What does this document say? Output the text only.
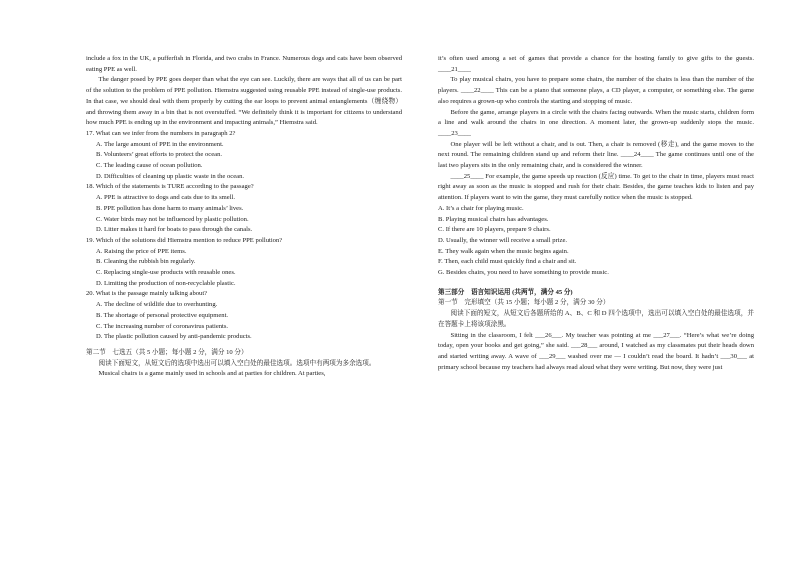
include a fox in the UK, a pufferfish in Florida, and two crabs in France. Numerous dogs and cats have been observed eating PPE as well.

The danger posed by PPE goes deeper than what the eye can see. Luckily, there are ways that all of us can be part of the solution to the problem of PPE pollution. Hiemstra suggested using reusable PPE instead of single-use products. In that case, we should deal with them properly by cutting the ear loops to prevent animal entanglements（缠绕物）and throwing them away in a bin that is not overstuffed. “We definitely think it is important for citizens to understand how much PPE is ending up in the environment and impacting animals,” Hiemstra said.

17. What can we infer from the numbers in paragraph 2?

A. The large amount of PPE in the environment.

B. Volunteers’ great efforts to protect the ocean.

C. The leading cause of ocean pollution.

D. Difficulties of cleaning up plastic waste in the ocean.

18. Which of the statements is TURE according to the passage?

A. PPE is attractive to dogs and cats due to its smell.

B. PPE pollution has done harm to many animals’ lives.

C. Water birds may not be influenced by plastic pollution.

D. Litter makes it hard for boats to pass through the canals.

19. Which of the solutions did Hiemstra mention to reduce PPE pollution?

A. Raising the price of PPE items.

B. Cleaning the rubbish bin regularly.

C. Replacing single-use products with reusable ones.

D. Limiting the production of non-recyclable plastic.

20. What is the passage mainly talking about?

A. The decline of wildlife due to overhunting.

B. The shortage of personal protective equipment.

C. The increasing number of coronavirus patients.

D. The plastic pollution caused by anti-pandemic products.

第二节　七选五（共 5 小题；每小题 2 分，满分 10 分）

阅读下面短文，从短文后的选项中选出可以填入空白处的最佳选项。选项中有两项为多余选项。

Musical chairs is a game mainly used in schools and at parties for children. At parties,

it’s often used among a set of games that provide a chance for the hosting family to give gifts to the guests. ____21____

To play musical chairs, you have to prepare some chairs, the number of the chairs is less than the number of the players. ____22____ This can be a piano that someone plays, a CD player, a computer, or something else. The game also requires a grown-up who controls the starting and stopping of music.

Before the game, arrange players in a circle with the chairs facing outwards. When the music starts, children form a line and walk around the chairs in one direction. A moment later, the grown-up suddenly stops the music. ____23____

One player will be left without a chair, and is out. Then, a chair is removed (移走), and the game moves to the next round. The remaining children stand up and reform their line. ____24____ The game continues until one of the last two players sits in the only remaining chair, and is considered the winner.

____25____ For example, the game speeds up reaction (反应) time. To get to the chair in time, players must react right away as soon as the music is stopped and rush for their chair. Besides, the game teaches kids to listen and pay attention. If players want to win the game, they must carefully notice when the music is stopped.

A. It’s a chair for playing music.

B. Playing musical chairs has advantages.

C. If there are 10 players, prepare 9 chairs.

D. Usually, the winner will receive a small prize.

E. They walk again when the music begins again.

F. Then, each child must quickly find a chair and sit.

G. Besides chairs, you need to have something to provide music.

第三部分　语言知识运用 (共两节，满分 45 分)

第一节　完形填空（共 15 小题；每小题 2 分，满分 30 分）

阅读下面的短文，从短文后各题所给的 A、B、C 和 D 四个选项中，选出可以填入空白处的最佳选项，并在答题卡上将该项涂黑。

Sitting in the classroom, I felt ___26___. My teacher was pointing at me ___27___. “Here’s what we’re doing today, open your books and get going,” she said. ___28___ around, I watched as my classmates put their heads down and started writing away. A wave of ___29___ washed over me — I couldn’t read the board. It hadn’t ___30___ at primary school because my teachers had always read aloud what they were writing. But now, they were just
